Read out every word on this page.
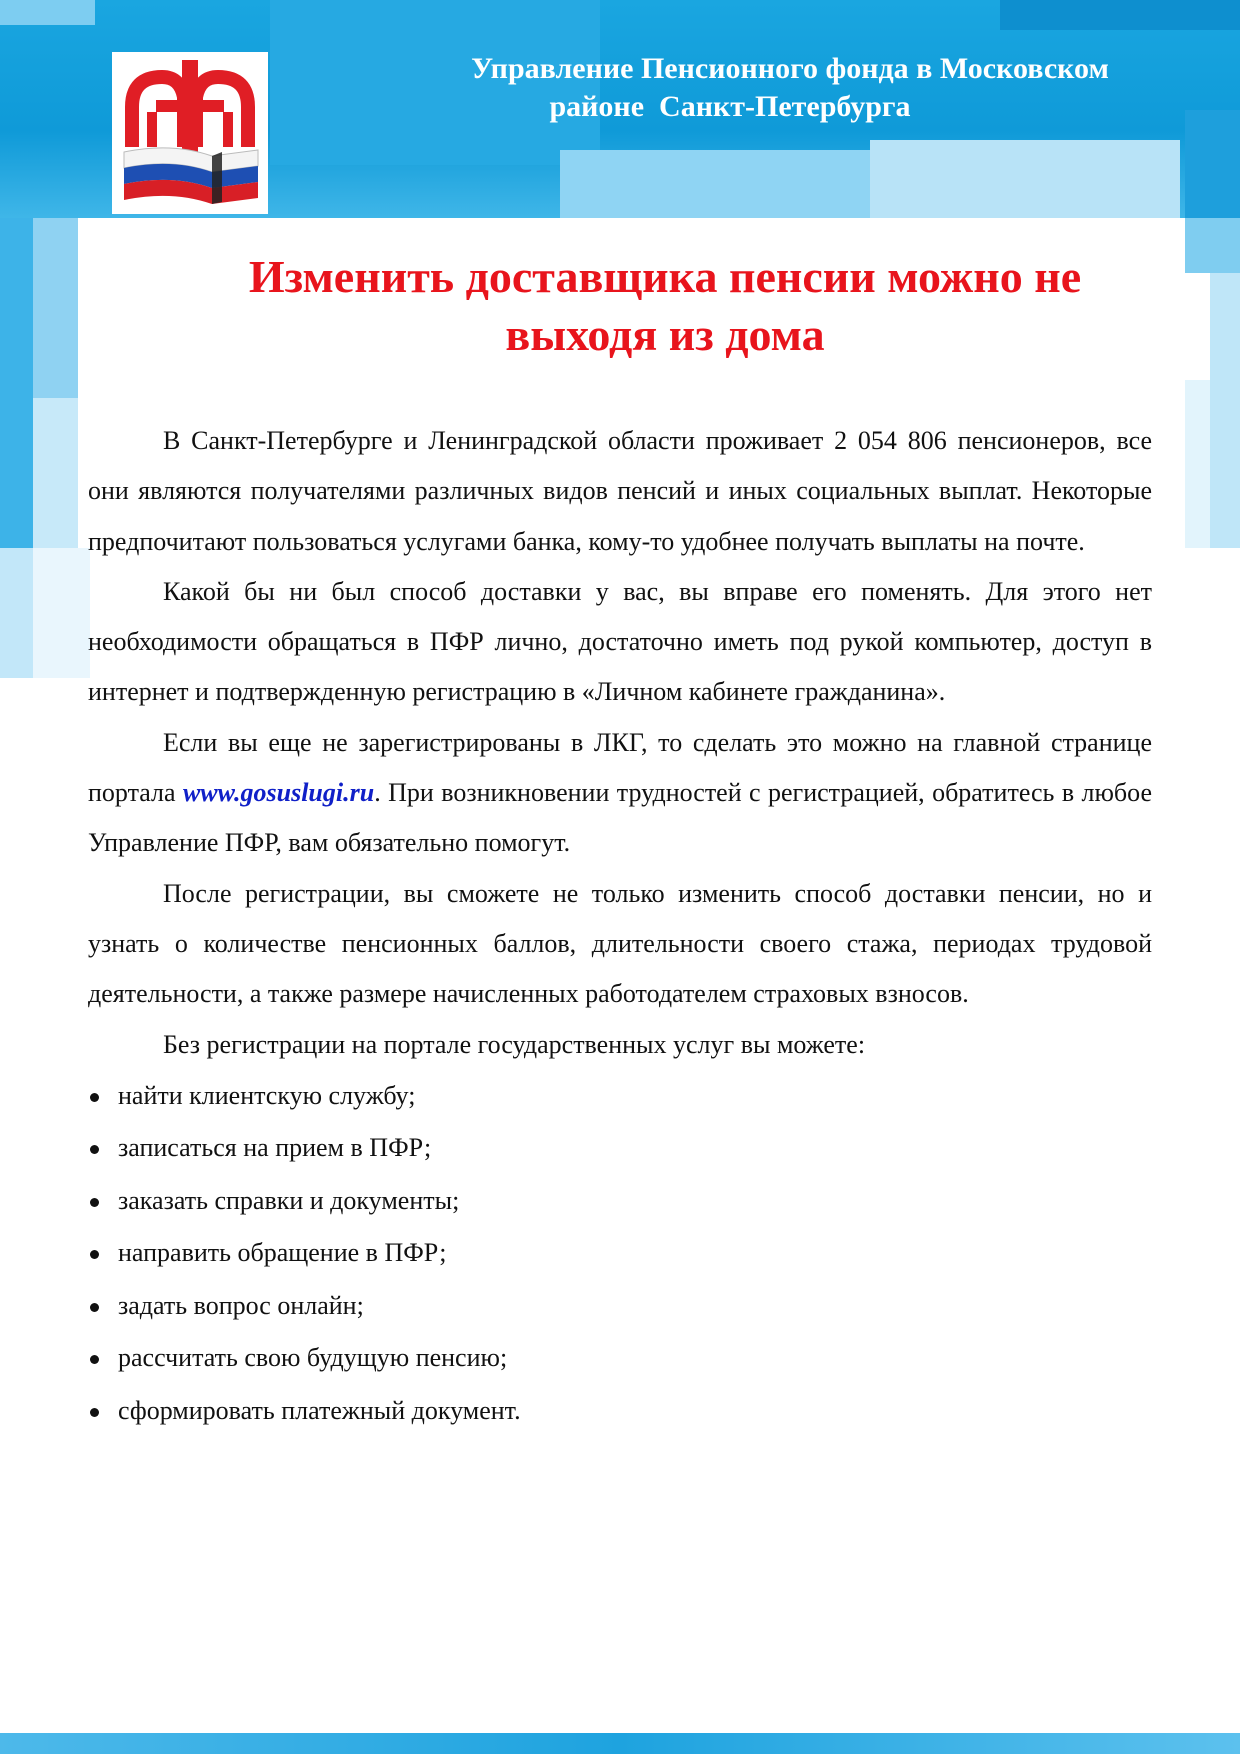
Управление Пенсионного фонда в Московском
районе  Санкт-Петербурга
Изменить доставщика пенсии можно не
выходя из дома

В Санкт-Петербурге и Ленинградской области проживает 2 054 806 пенсионеров, все они являются получателями различных видов пенсий и иных социальных выплат. Некоторые предпочитают пользоваться услугами банка, кому-то удобнее получать выплаты на почте.

Какой бы ни был способ доставки у вас, вы вправе его поменять. Для этого нет необходимости обращаться в ПФР лично, достаточно иметь под рукой компьютер, доступ в интернет и подтвержденную регистрацию в «Личном кабинете гражданина».

Если вы еще не зарегистрированы в ЛКГ, то сделать это можно на главной странице портала www.gosuslugi.ru. При возникновении трудностей с регистрацией, обратитесь в любое Управление ПФР, вам обязательно помогут.

После регистрации, вы сможете не только изменить способ доставки пенсии, но и узнать о количестве пенсионных баллов, длительности своего стажа, периодах трудовой деятельности, а также размере начисленных работодателем страховых взносов.

Без регистрации на портале государственных услуг вы можете:

найти клиентскую службу;
записаться на прием в ПФР;
заказать справки и документы;
направить обращение в ПФР;
задать вопрос онлайн;
рассчитать свою будущую пенсию;
сформировать платежный документ.
